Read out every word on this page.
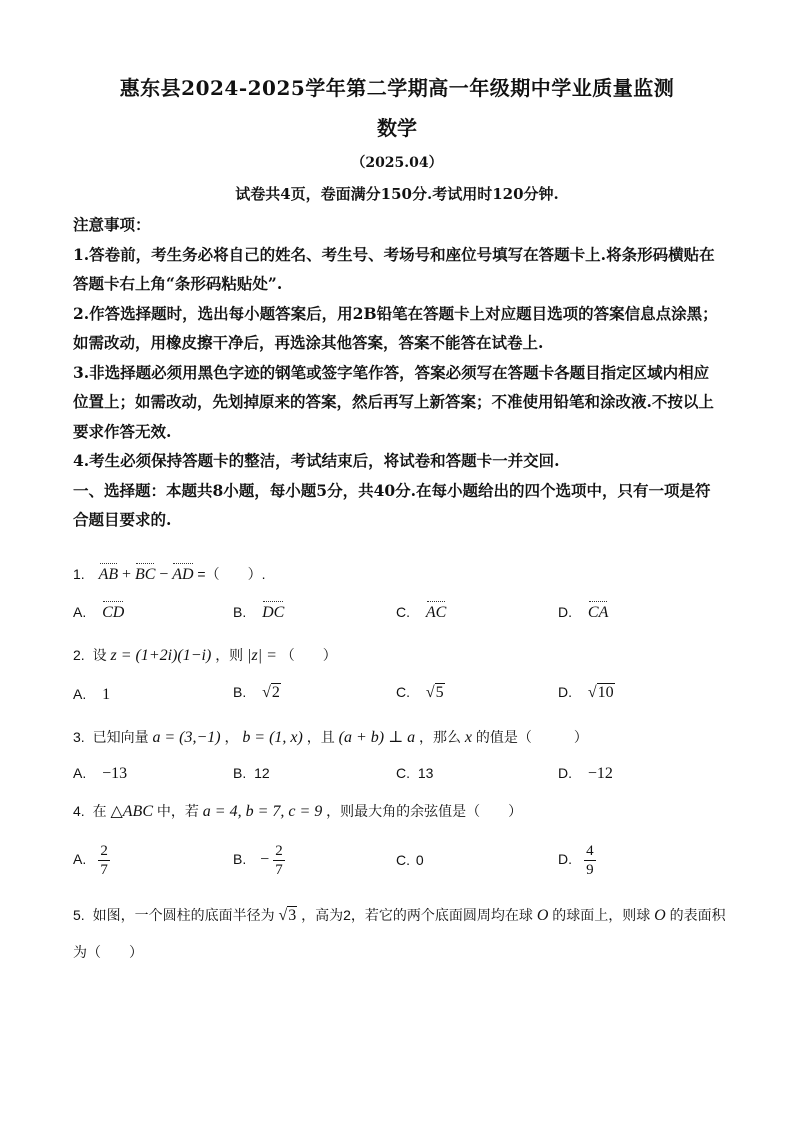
惠东县2024-2025学年第二学期高一年级期中学业质量监测
数学
（2025.04）
试卷共4页，卷面满分150分.考试用时120分钟.

注意事项：

1.答卷前，考生务必将自己的姓名、考生号、考场号和座位号填写在答题卡上.将条形码横贴在答题卡右上角“条形码粘贴处”.

2.作答选择题时，选出每小题答案后，用2B铅笔在答题卡上对应题目选项的答案信息点涂黑；如需改动，用橡皮擦干净后，再选涂其他答案，答案不能答在试卷上.

3.非选择题必须用黑色字迹的钢笔或签字笔作答，答案必须写在答题卡各题目指定区域内相应位置上；如需改动，先划掉原来的答案，然后再写上新答案；不准使用铅笔和涂改液.不按以上要求作答无效.

4.考生必须保持答题卡的整洁，考试结束后，将试卷和答题卡一并交回.

一、选择题：本题共8小题，每小题5分，共40分.在每小题给出的四个选项中，只有一项是符合题目要求的.

1. AB + BC − AD =（　　）.
A. CD	B. DC	C. AC	D. CA
2. 设 z = (1+2i)(1−i) ，则 |z| = （　　）
A. 1	B. √2	C. √5	D. √10
3. 已知向量 a = (3,−1) ， b = (1, x) ，且 (a + b) ⊥ a ，那么 x 的值是（　　　）
A. −13	B. 12	C. 13	D. −12
4. 在 △ABC 中，若 a = 4, b = 7, c = 9 ，则最大角的余弦值是（　　）
A. $\frac{2}{7}$	B. − $\frac{2}{7}$	C. 0	D. $\frac{4}{9}$
5. 如图，一个圆柱的底面半径为 √3 ，高为2，若它的两个底面圆周均在球 O 的球面上，则球 O 的表面积
为（　　）
